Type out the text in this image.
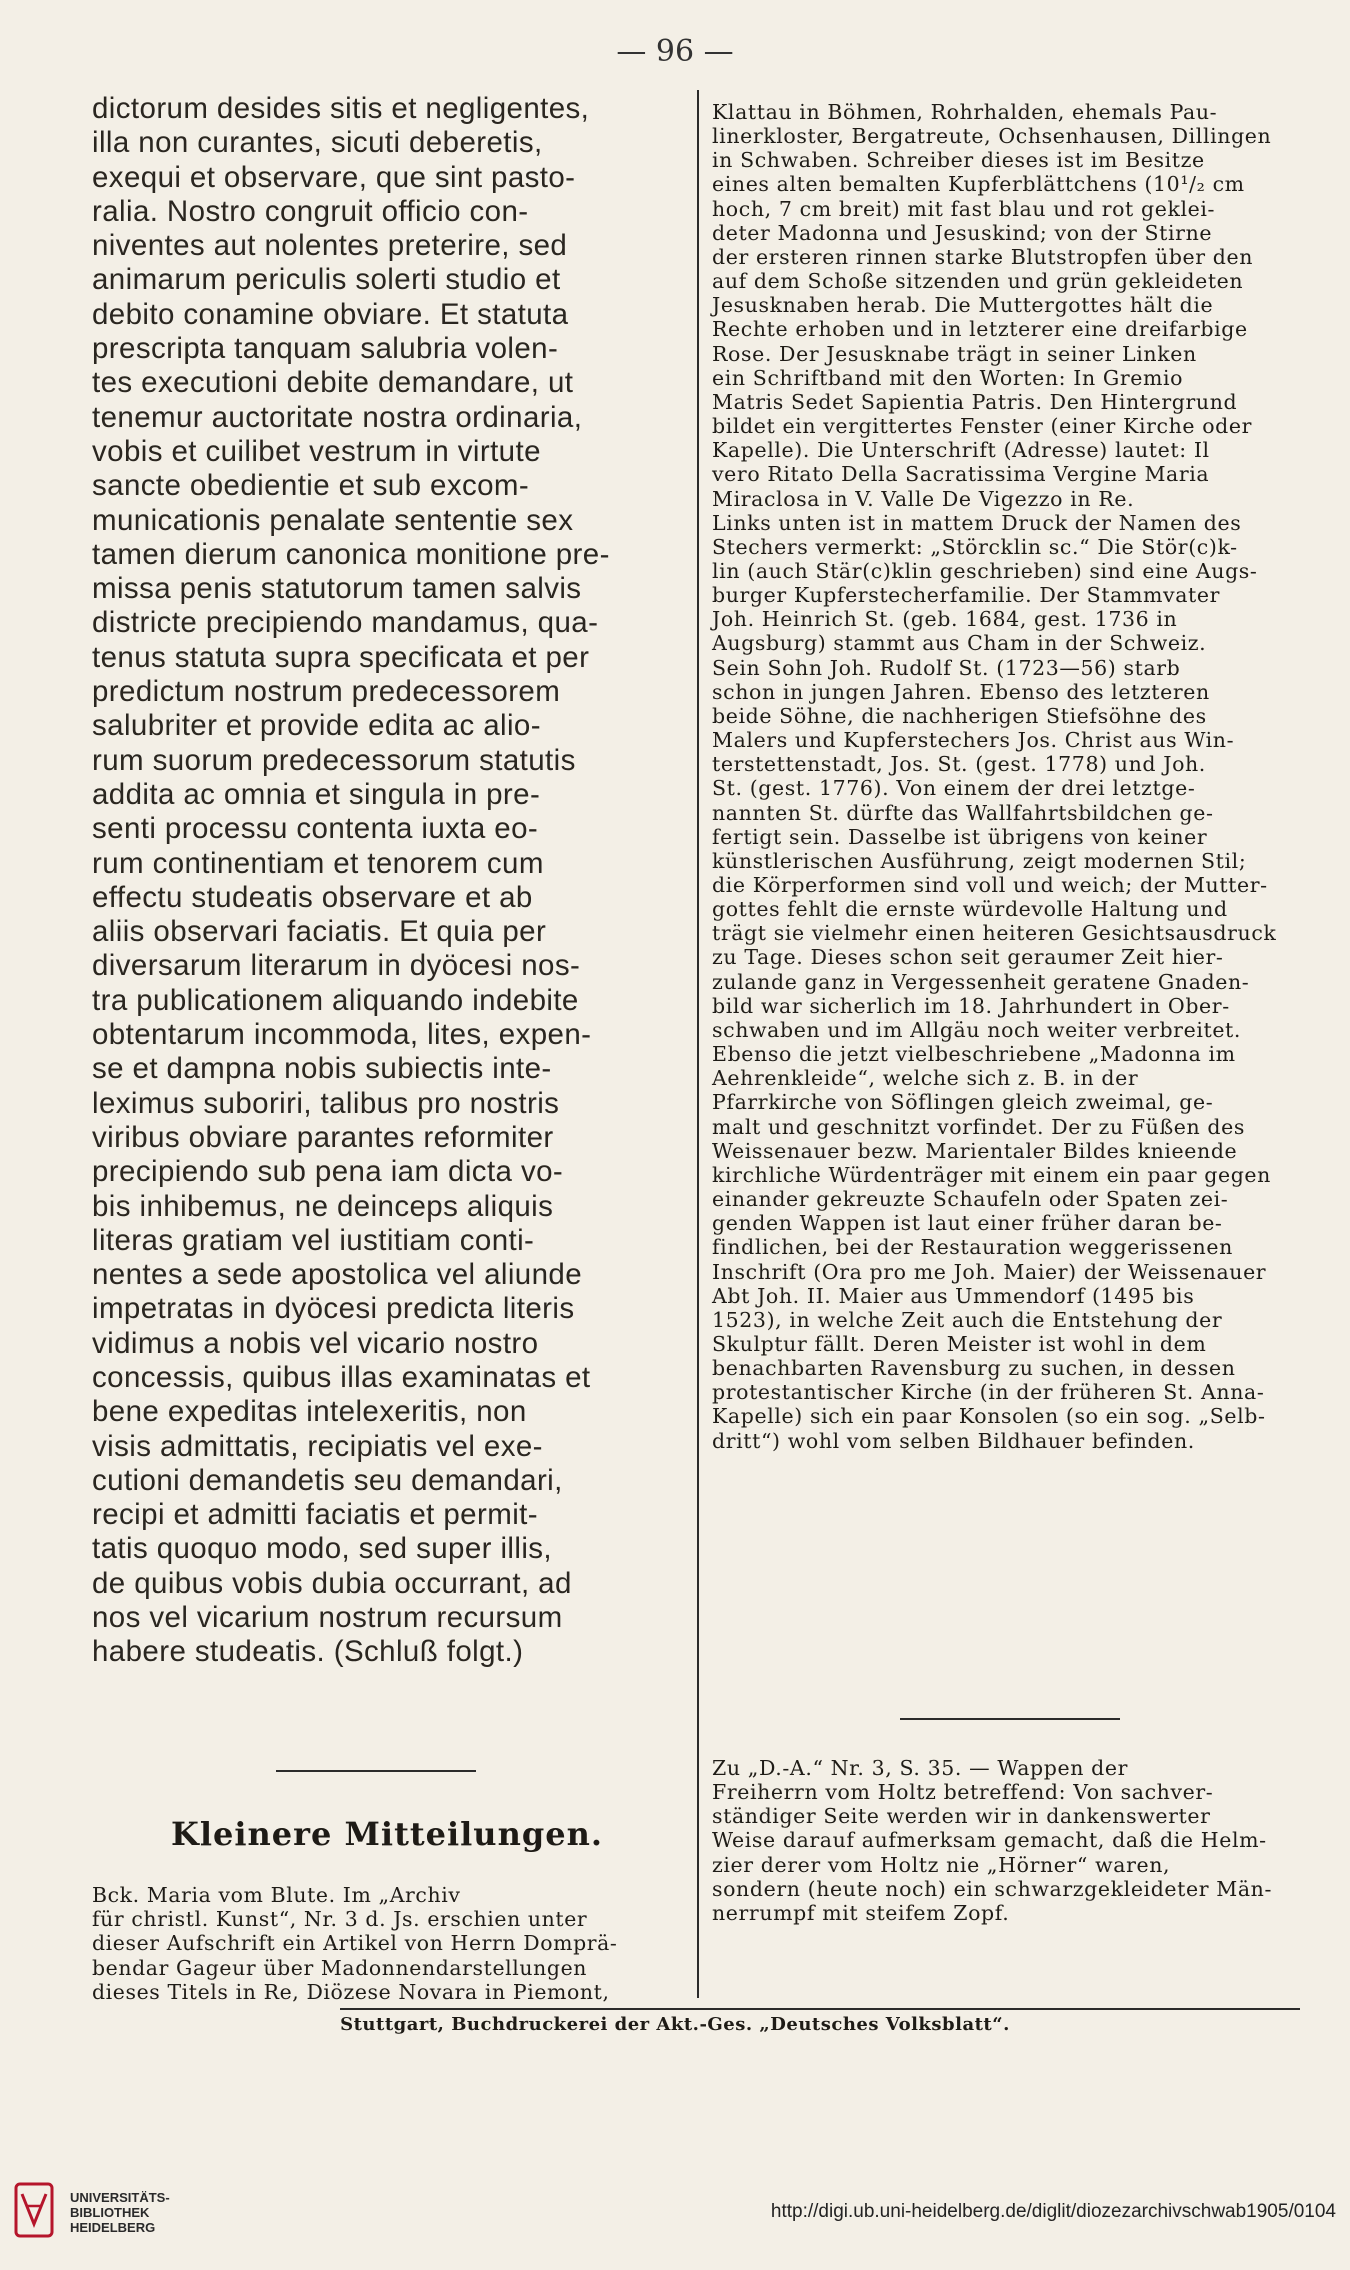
— 96 —
dictorum desides sitis et negligentes,
illa non curantes, sicuti deberetis,
exequi et observare, que sint pasto-
ralia. Nostro congruit officio con-
niventes aut nolentes preterire, sed
animarum periculis solerti studio et
debito conamine obviare. Et statuta
prescripta tanquam salubria volen-
tes executioni debite demandare, ut
tenemur auctoritate nostra ordinaria,
vobis et cuilibet vestrum in virtute
sancte obedientie et sub excom-
municationis penalate sententie sex
tamen dierum canonica monitione pre-
missa penis statutorum tamen salvis
districte precipiendo mandamus, qua-
tenus statuta supra specificata et per
predictum nostrum predecessorem
salubriter et provide edita ac alio-
rum suorum predecessorum statutis
addita ac omnia et singula in pre-
senti processu contenta iuxta eo-
rum continentiam et tenorem cum
effectu studeatis observare et ab
aliis observari faciatis. Et quia per
diversarum literarum in dyöcesi nos-
tra publicationem aliquando indebite
obtentarum incommoda, lites, expen-
se et dampna nobis subiectis inte-
leximus suboriri, talibus pro nostris
viribus obviare parantes reformiter
precipiendo sub pena iam dicta vo-
bis inhibemus, ne deinceps aliquis
literas gratiam vel iustitiam conti-
nentes a sede apostolica vel aliunde
impetratas in dyöcesi predicta literis
vidimus a nobis vel vicario nostro
concessis, quibus illas examinatas et
bene expeditas intelexeritis, non
visis admittatis, recipiatis vel exe-
cutioni demandetis seu demandari,
recipi et admitti faciatis et permit-
tatis quoquo modo, sed super illis,
de quibus vobis dubia occurrant, ad
nos vel vicarium nostrum recursum
habere studeatis. (Schluß folgt.)
Kleinere Mitteilungen.
Bck. Maria vom Blute. Im „Archiv
für christl. Kunst“, Nr. 3 d. Js. erschien unter
dieser Aufschrift ein Artikel von Herrn Domprä-
bendar Gageur über Madonnendarstellungen
dieses Titels in Re, Diözese Novara in Piemont,
Klattau in Böhmen, Rohrhalden, ehemals Pau-
linerkloster, Bergatreute, Ochsenhausen, Dillingen
in Schwaben. Schreiber dieses ist im Besitze
eines alten bemalten Kupferblättchens (10¹/₂ cm
hoch, 7 cm breit) mit fast blau und rot geklei-
deter Madonna und Jesuskind; von der Stirne
der ersteren rinnen starke Blutstropfen über den
auf dem Schoße sitzenden und grün gekleideten
Jesusknaben herab. Die Muttergottes hält die
Rechte erhoben und in letzterer eine dreifarbige
Rose. Der Jesusknabe trägt in seiner Linken
ein Schriftband mit den Worten: In Gremio
Matris Sedet Sapientia Patris. Den Hintergrund
bildet ein vergittertes Fenster (einer Kirche oder
Kapelle). Die Unterschrift (Adresse) lautet: Il
vero Ritato Della Sacratissima Vergine Maria
Miraclosa in V. Valle De Vigezzo in Re.
Links unten ist in mattem Druck der Namen des
Stechers vermerkt: „Störcklin sc.“ Die Stör(c)k-
lin (auch Stär(c)klin geschrieben) sind eine Augs-
burger Kupferstecherfamilie. Der Stammvater
Joh. Heinrich St. (geb. 1684, gest. 1736 in
Augsburg) stammt aus Cham in der Schweiz.
Sein Sohn Joh. Rudolf St. (1723—56) starb
schon in jungen Jahren. Ebenso des letzteren
beide Söhne, die nachherigen Stiefsöhne des
Malers und Kupferstechers Jos. Christ aus Win-
terstettenstadt, Jos. St. (gest. 1778) und Joh.
St. (gest. 1776). Von einem der drei letztge-
nannten St. dürfte das Wallfahrtsbildchen ge-
fertigt sein. Dasselbe ist übrigens von keiner
künstlerischen Ausführung, zeigt modernen Stil;
die Körperformen sind voll und weich; der Mutter-
gottes fehlt die ernste würdevolle Haltung und
trägt sie vielmehr einen heiteren Gesichtsausdruck
zu Tage. Dieses schon seit geraumer Zeit hier-
zulande ganz in Vergessenheit geratene Gnaden-
bild war sicherlich im 18. Jahrhundert in Ober-
schwaben und im Allgäu noch weiter verbreitet.
Ebenso die jetzt vielbeschriebene „Madonna im
Aehrenkleide“, welche sich z. B. in der
Pfarrkirche von Söflingen gleich zweimal, ge-
malt und geschnitzt vorfindet. Der zu Füßen des
Weissenauer bezw. Marientaler Bildes knieende
kirchliche Würdenträger mit einem ein paar gegen
einander gekreuzte Schaufeln oder Spaten zei-
genden Wappen ist laut einer früher daran be-
findlichen, bei der Restauration weggerissenen
Inschrift (Ora pro me Joh. Maier) der Weissenauer
Abt Joh. II. Maier aus Ummendorf (1495 bis
1523), in welche Zeit auch die Entstehung der
Skulptur fällt. Deren Meister ist wohl in dem
benachbarten Ravensburg zu suchen, in dessen
protestantischer Kirche (in der früheren St. Anna-
Kapelle) sich ein paar Konsolen (so ein sog. „Selb-
dritt“) wohl vom selben Bildhauer befinden.
Zu „D.-A.“ Nr. 3, S. 35. — Wappen der
Freiherrn vom Holtz betreffend: Von sachver-
ständiger Seite werden wir in dankenswerter
Weise darauf aufmerksam gemacht, daß die Helm-
zier derer vom Holtz nie „Hörner“ waren,
sondern (heute noch) ein schwarzgekleideter Män-
nerrumpf mit steifem Zopf.
Stuttgart, Buchdruckerei der Akt.-Ges. „Deutsches Volksblatt“.
UNIVERSITÄTS-
BIBLIOTHEK
HEIDELBERG
http://digi.ub.uni-heidelberg.de/diglit/diozezarchivschwab1905/0104
